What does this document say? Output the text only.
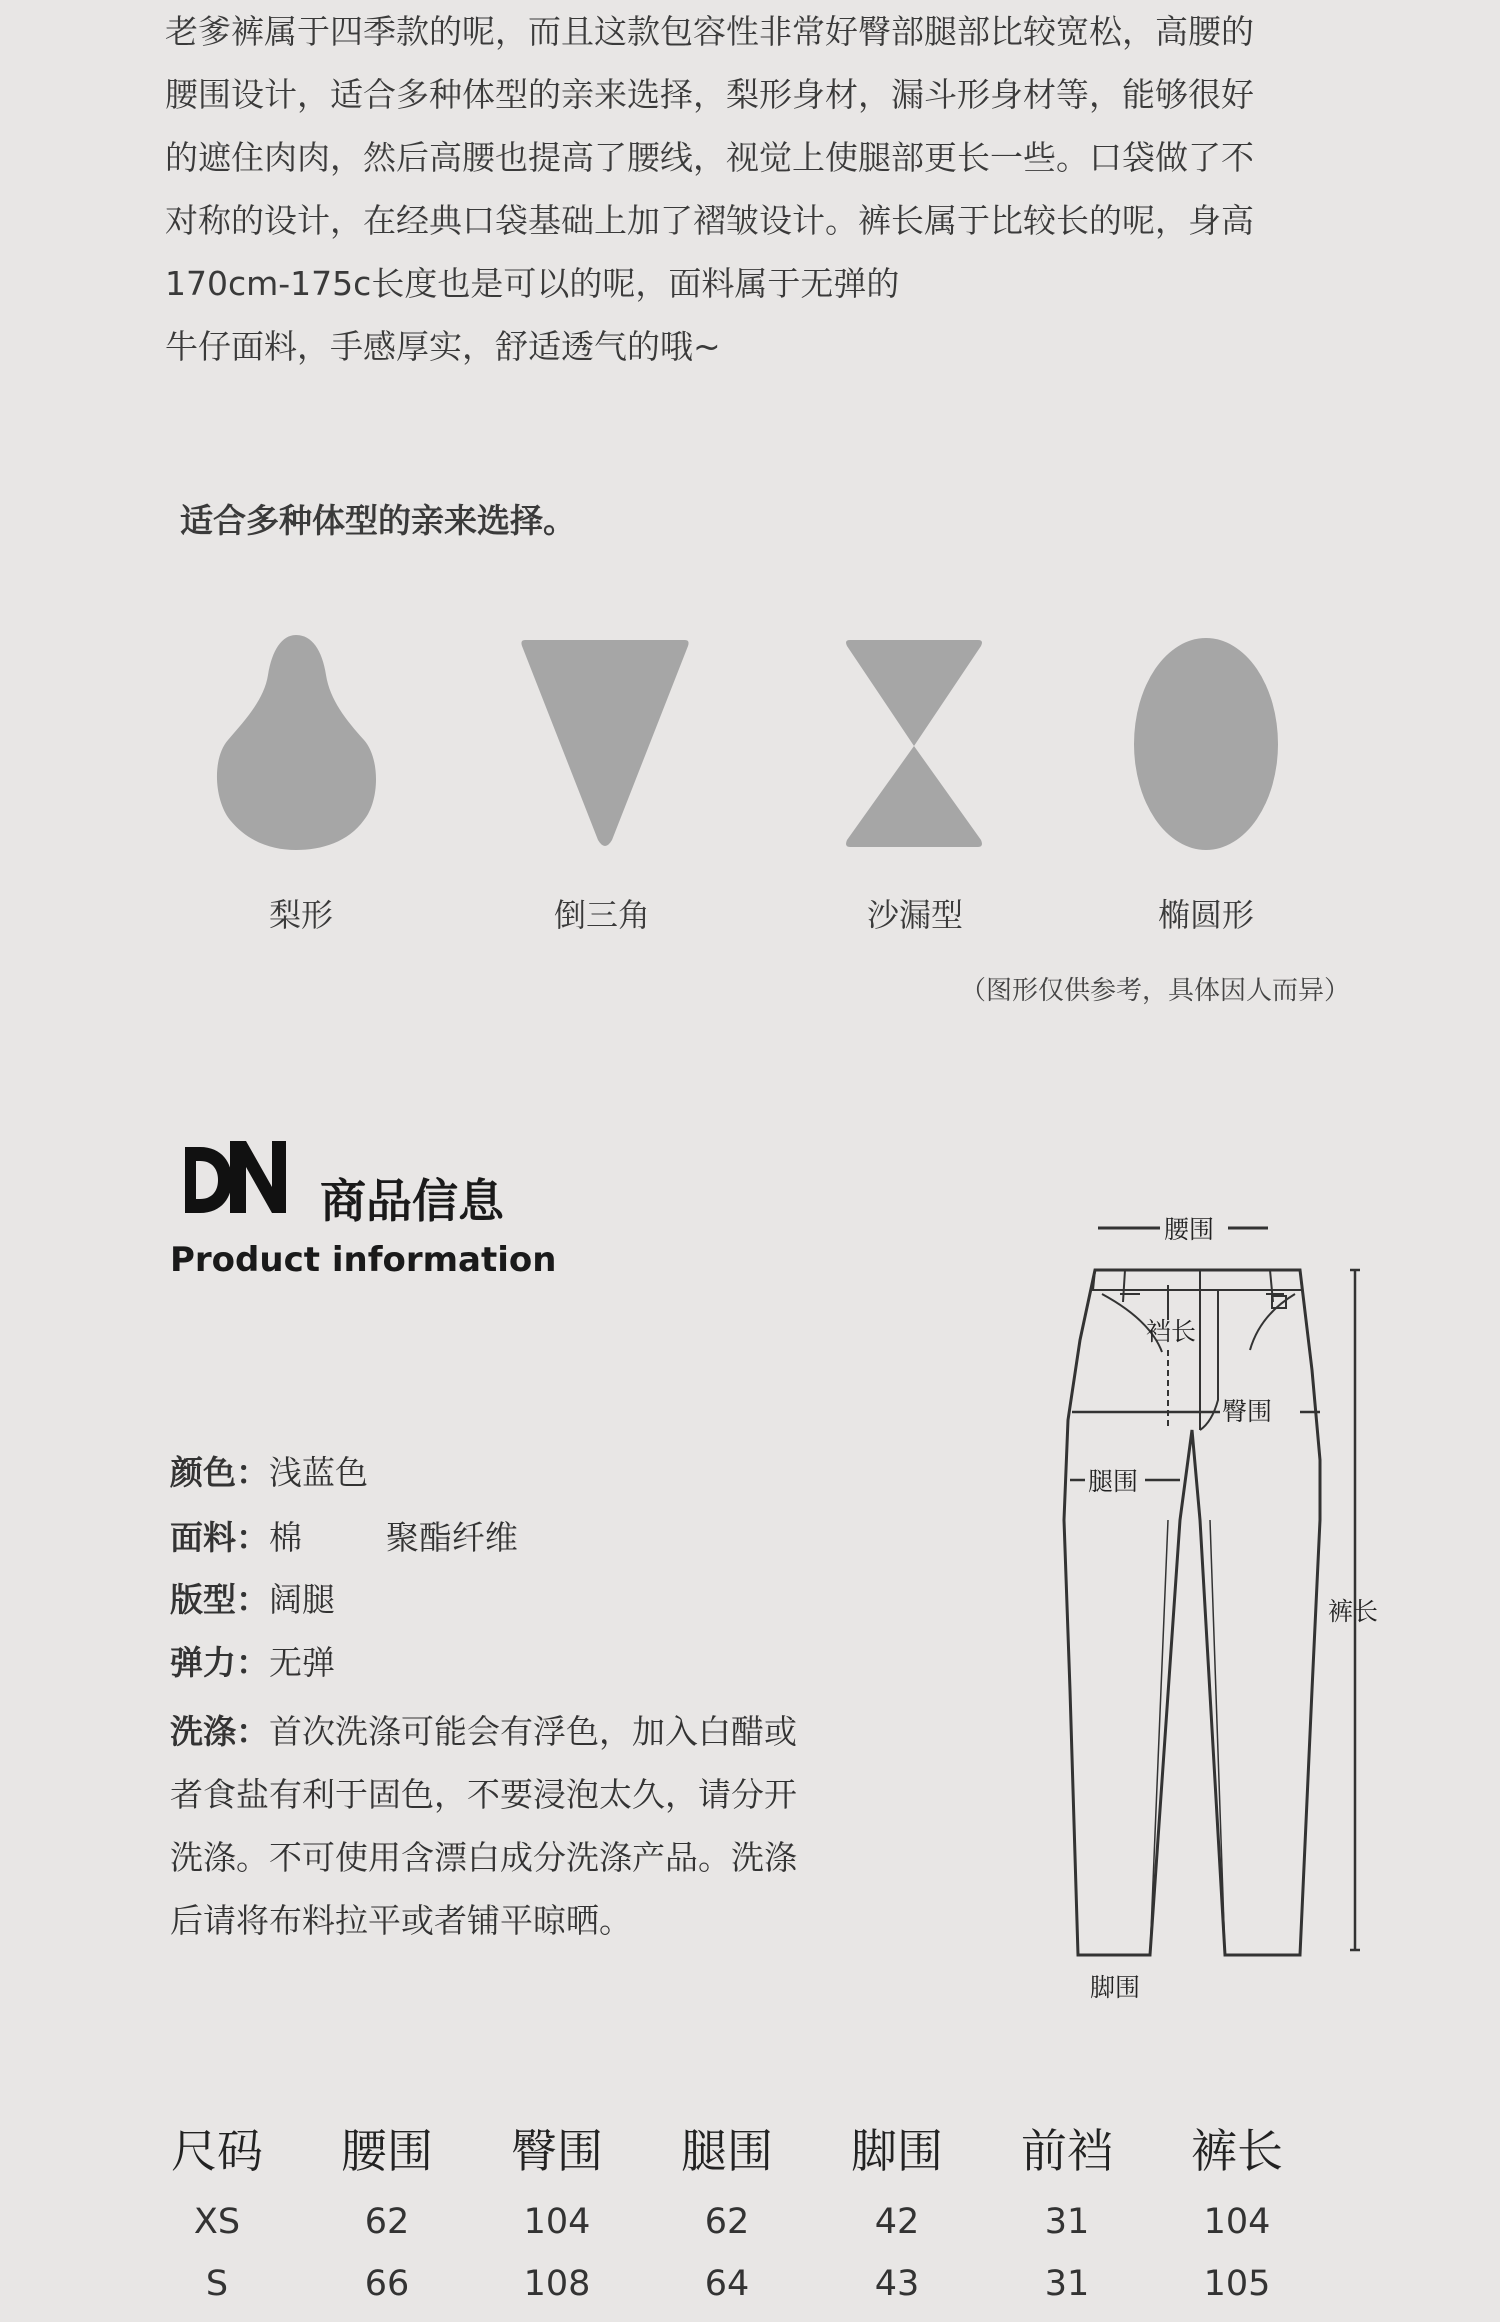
老爹裤属于四季款的呢，而且这款包容性非常好臀部腿部比较宽松，高腰的
腰围设计，适合多种体型的亲来选择，梨形身材，漏斗形身材等，能够很好
的遮住肉肉，然后高腰也提高了腰线，视觉上使腿部更长一些。口袋做了不
对称的设计，在经典口袋基础上加了褶皱设计。裤长属于比较长的呢，身高
170cm-175c长度也是可以的呢，面料属于无弹的
牛仔面料，手感厚实，舒适透气的哦~
适合多种体型的亲来选择。
梨形	倒三角	沙漏型	椭圆形
（图形仅供参考，具体因人而异）
商品信息
Product information
颜色：浅蓝色
面料：棉        聚酯纤维
版型：阔腿
弹力：无弹
洗涤：首次洗涤可能会有浮色，加入白醋或
者食盐有利于固色，不要浸泡太久，请分开
洗涤。不可使用含漂白成分洗涤产品。洗涤
后请将布料拉平或者铺平晾晒。
腰围
裆长
臀围
腿围
裤长
脚围
尺码	腰围	臀围	腿围	脚围	前裆	裤长
XS	62	104	62	42	31	104
S	66	108	64	43	31	105
